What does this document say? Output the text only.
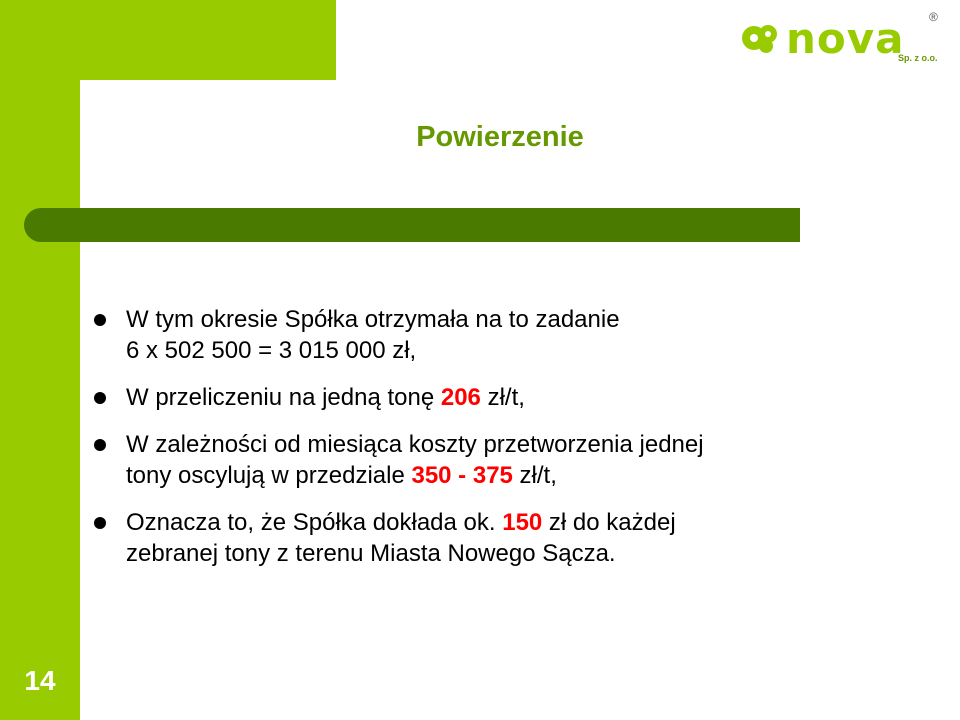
nova ®
Sp. z o.o.
Powierzenie
W tym okresie Spółka otrzymała na to zadanie
6 x 502 500 = 3 015 000 zł,
W przeliczeniu na jedną tonę 206 zł/t,
W zależności od miesiąca koszty przetworzenia jednej
tony oscylują w przedziale 350 - 375 zł/t,
Oznacza to, że Spółka dokłada ok. 150 zł do każdej
zebranej tony z terenu Miasta Nowego Sącza.
14
